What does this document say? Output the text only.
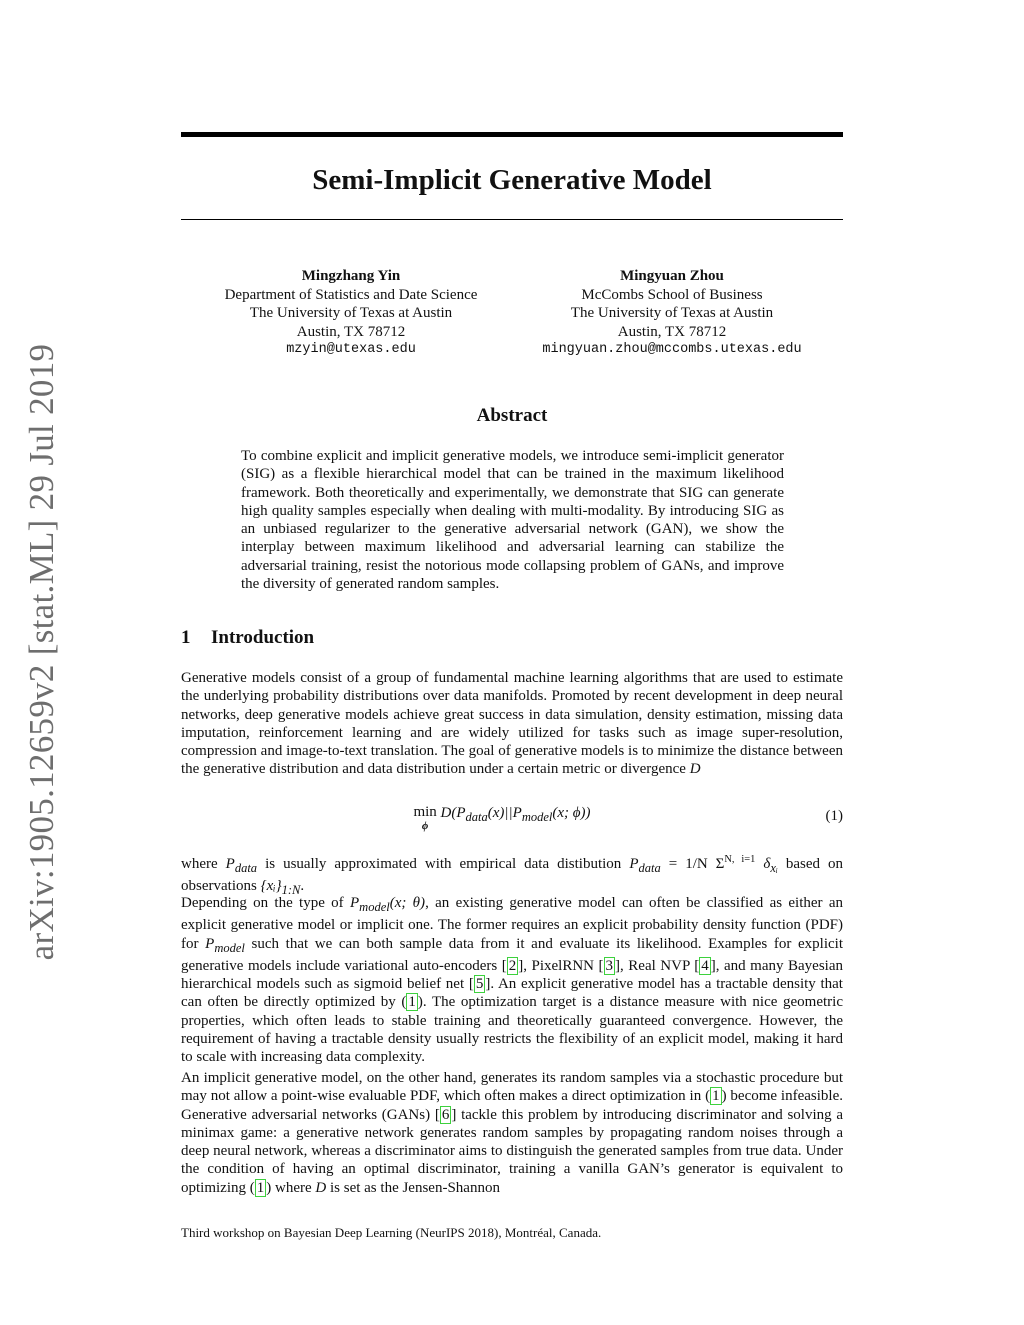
arXiv:1905.12659v2 [stat.ML] 29 Jul 2019
Semi-Implicit Generative Model
Mingzhang Yin
Department of Statistics and Date Science
The University of Texas at Austin
Austin, TX 78712
mzyin@utexas.edu
Mingyuan Zhou
McCombs School of Business
The University of Texas at Austin
Austin, TX 78712
mingyuan.zhou@mccombs.utexas.edu
Abstract
To combine explicit and implicit generative models, we introduce semi-implicit generator (SIG) as a flexible hierarchical model that can be trained in the maximum likelihood framework. Both theoretically and experimentally, we demonstrate that SIG can generate high quality samples especially when dealing with multi-modality. By introducing SIG as an unbiased regularizer to the generative adversarial network (GAN), we show the interplay between maximum likelihood and adversarial learning can stabilize the adversarial training, resist the notorious mode collapsing problem of GANs, and improve the diversity of generated random samples.
1 Introduction
Generative models consist of a group of fundamental machine learning algorithms that are used to estimate the underlying probability distributions over data manifolds. Promoted by recent development in deep neural networks, deep generative models achieve great success in data simulation, density estimation, missing data imputation, reinforcement learning and are widely utilized for tasks such as image super-resolution, compression and image-to-text translation. The goal of generative models is to minimize the distance between the generative distribution and data distribution under a certain metric or divergence D
min
ϕ
$D(P_{data}(x)||P_{model}(x$; ϕ))	(1)
where $P_{data}$ is usually approximated with empirical data distibution $P_{data} = 1/N$ $\Sigma^{N, i=1}$ $\delta_{xᵢ}$ based on observations $\{xᵢ\}_{1:N}$.
Depending on the type of $P_{model}(x$; θ), an existing generative model can often be classified as either an explicit generative model or implicit one. The former requires an explicit probability density function (PDF) for $P_{model}$ such that we can both sample data from it and evaluate its likelihood. Examples for explicit generative models include variational auto-encoders [ 2 ], PixelRNN [ 3 ], Real NVP [ 4 ], and many Bayesian hierarchical models such as sigmoid belief net [ 5 ]. An explicit generative model has a tractable density that can often be directly optimized by ( 1 ). The optimization target is a distance measure with nice geometric properties, which often leads to stable training and theoretically guaranteed convergence. However, the requirement of having a tractable density usually restricts the flexibility of an explicit model, making it hard to scale with increasing data complexity.
An implicit generative model, on the other hand, generates its random samples via a stochastic procedure but may not allow a point-wise evaluable PDF, which often makes a direct optimization in ( 1 ) become infeasible. Generative adversarial networks (GANs) [ 6 ] tackle this problem by introducing discriminator and solving a minimax game: a generative network generates random samples by propagating random noises through a deep neural network, whereas a discriminator aims to distinguish the generated samples from true data. Under the condition of having an optimal discriminator, training a vanilla GAN’s generator is equivalent to optimizing ( 1 ) where D is set as the Jensen-Shannon
Third workshop on Bayesian Deep Learning (NeurIPS 2018), Montréal, Canada.
